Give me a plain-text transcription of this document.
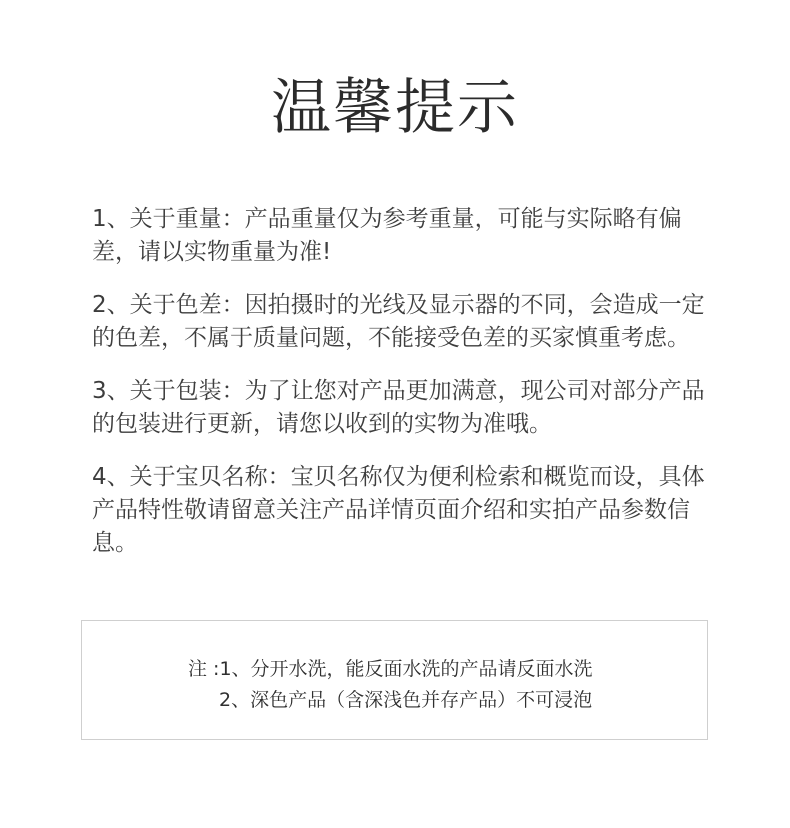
温馨提示

1、关于重量：产品重量仅为参考重量，可能与实际略有偏差，请以实物重量为准!

2、关于色差：因拍摄时的光线及显示器的不同，会造成一定的色差，不属于质量问题，不能接受色差的买家慎重考虑。

3、关于包装：为了让您对产品更加满意，现公司对部分产品的包装进行更新，请您以收到的实物为准哦。

4、关于宝贝名称：宝贝名称仅为便利检索和概览而设，具体产品特性敬请留意关注产品详情页面介绍和实拍产品参数信息。

注 :1、分开水洗，能反面水洗的产品请反面水洗
2、深色产品（含深浅色并存产品）不可浸泡
